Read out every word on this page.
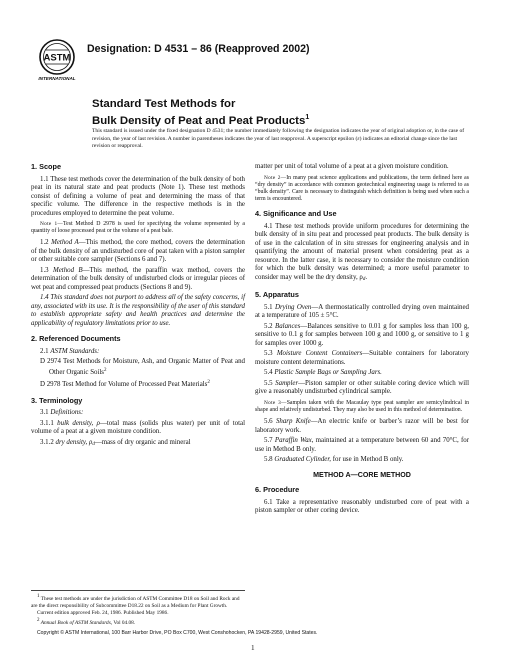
ASTM
INTERNATIONAL
Designation: D 4531 – 86 (Reapproved 2002)
Standard Test Methods for
Bulk Density of Peat and Peat Products$^1$
This standard is issued under the fixed designation D 4531; the number immediately following the designation indicates the year of original adoption or, in the case of revision, the year of last revision. A number in parentheses indicates the year of last reapproval. A superscript epsilon (ε) indicates an editorial change since the last revision or reapproval.
1. Scope

1.1 These test methods cover the determination of the bulk density of both peat in its natural state and peat products (Note 1). These test methods consist of defining a volume of peat and determining the mass of that specific volume. The difference in the respective methods is in the procedures employed to determine the peat volume.

Note 1—Test Method D 2978 is used for specifying the volume represented by a quantity of loose processed peat or the volume of a peat bale.

1.2 Method A—This method, the core method, covers the determination of the bulk density of an undisturbed core of peat taken with a piston sampler or other suitable core sampler (Sections 6 and 7).

1.3 Method B—This method, the paraffin wax method, covers the determination of the bulk density of undisturbed clods or irregular pieces of wet peat and compressed peat products (Sections 8 and 9).

1.4 This standard does not purport to address all of the safety concerns, if any, associated with its use. It is the responsibility of the user of this standard to establish appropriate safety and health practices and determine the applicability of regulatory limitations prior to use.

2. Referenced Documents

2.1 ASTM Standards:

D 2974 Test Methods for Moisture, Ash, and Organic Matter of Peat and Other Organic Soils$^2$

D 2978 Test Method for Volume of Processed Peat Materials$^2$

3. Terminology

3.1 Definitions:

3.1.1 bulk density, ρ—total mass (solids plus water) per unit of total volume of a peat at a given moisture condition.

3.1.2 dry density, $\rho_d—mass$ of dry organic and mineral

1 These test methods are under the jurisdiction of ASTM Committee D18 on Soil and Rock and are the direct responsibility of Subcommittee D18.22 on Soil as a Medium for Plant Growth.

Current edition approved Feb. 24, 1986. Published May 1986.

2 Annual Book of ASTM Standards, Vol 04.08.

matter per unit of total volume of a peat at a given moisture condition.

Note 2—In many peat science applications and publications, the term defined here as “dry density” in accordance with common geotechnical engineering usage is referred to as “bulk density”. Care is necessary to distinguish which definition is being used when such a term is encountered.
4. Significance and Use

4.1 These test methods provide uniform procedures for determining the bulk density of in situ peat and processed peat products. The bulk density is of use in the calculation of in situ stresses for engineering analysis and in quantifying the amount of material present when considering peat as a resource. In the latter case, it is necessary to consider the moisture condition for which the bulk density was determined; a more useful parameter to consider may well be the dry density, $\rho_d$.

5. Apparatus

5.1 Drying Oven—A thermostatically controlled drying oven maintained at a temperature of 105 ± 5°C.

5.2 Balances—Balances sensitive to 0.01 g for samples less than 100 g, sensitive to 0.1 g for samples between 100 g and 1000 g, or sensitive to 1 g for samples over 1000 g.

5.3 Moisture Content Containers—Suitable containers for laboratory moisture content determinations.

5.4 Plastic Sample Bags or Sampling Jars.

5.5 Sampler—Piston sampler or other suitable coring device which will give a reasonably undisturbed cylindrical sample.

Note 3—Samples taken with the Macaulay type peat sampler are semicylindrical in shape and relatively undisturbed. They may also be used in this method of determination.

5.6 Sharp Knife—An electric knife or barber’s razor will be best for laboratory work.

5.7 Paraffin Wax, maintained at a temperature between 60 and 70°C, for use in Method B only.

5.8 Graduated Cylinder, for use in Method B only.

METHOD A—CORE METHOD
6. Procedure

6.1 Take a representative reasonably undisturbed core of peat with a piston sampler or other coring device.

Copyright © ASTM International, 100 Barr Harbor Drive, PO Box C700, West Conshohocken, PA 19428-2959, United States.
1
